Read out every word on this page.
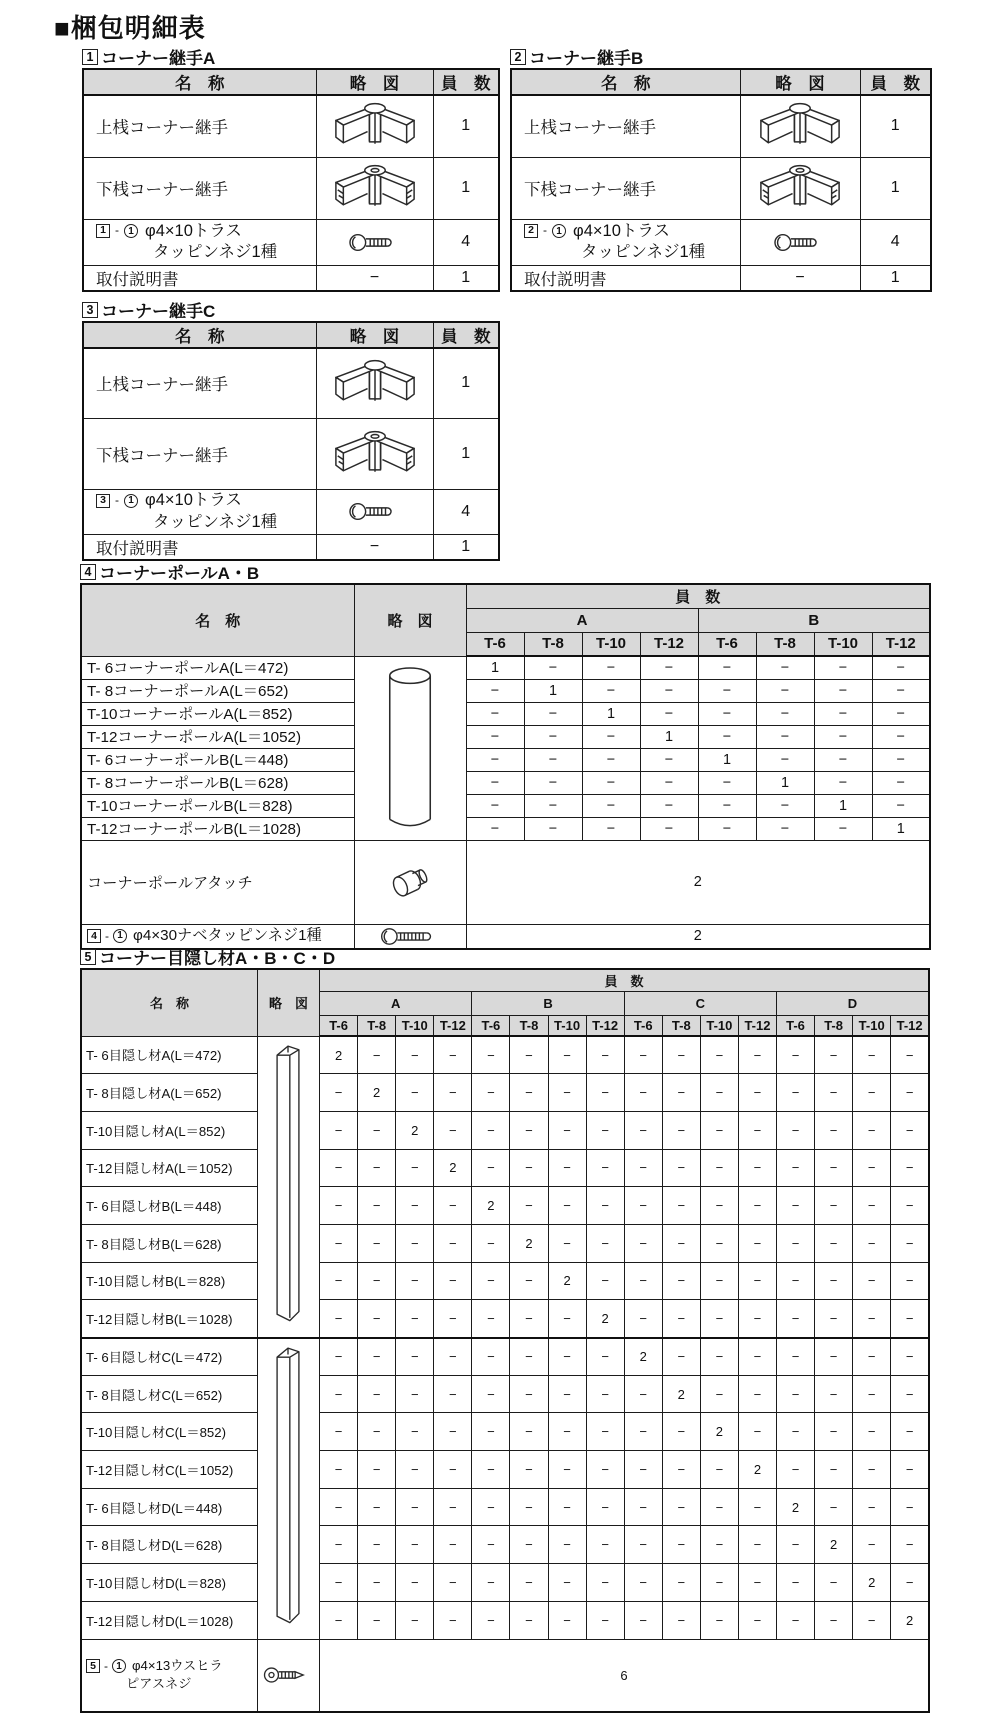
■梱包明細表
1 コーナー継手A
名　称	略　図	員　数
上桟コーナー継手		1
下桟コーナー継手		1

1 - 1 φ4×10トラス
タッピンネジ1種		4
取付説明書	−	1
2 コーナー継手B
名　称	略　図	員　数
上桟コーナー継手		1
下桟コーナー継手		1

2 - 1 φ4×10トラス
タッピンネジ1種		4
取付説明書	−	1
3 コーナー継手C
名　称	略　図	員　数
上桟コーナー継手		1
下桟コーナー継手		1

3 - 1 φ4×10トラス
タッピンネジ1種		4
取付説明書	−	1
4 コーナーポールA・B
名　称	略　図	員　数							
		A				B			
		T-6	T-8	T-10	T-12	T-6	T-8	T-10	T-12
T- 6コーナーポールA(L＝472)		1	−	−	−	−	−	−	−
T- 8コーナーポールA(L＝652)		−	1	−	−	−	−	−	−
T-10コーナーポールA(L＝852)		−	−	1	−	−	−	−	−
T-12コーナーポールA(L＝1052)		−	−	−	1	−	−	−	−
T- 6コーナーポールB(L＝448)		−	−	−	−	1	−	−	−
T- 8コーナーポールB(L＝628)		−	−	−	−	−	1	−	−
T-10コーナーポールB(L＝828)		−	−	−	−	−	−	1	−
T-12コーナーポールB(L＝1028)		−	−	−	−	−	−	−	1
コーナーポールアタッチ		2							

4 - 1 φ4×30ナベタッピンネジ1種		2							
5 コーナー目隠し材A・B・C・D
名　称	略　図	員　数															
		A				B				C				D			
		T-6	T-8	T-10	T-12	T-6	T-8	T-10	T-12	T-6	T-8	T-10	T-12	T-6	T-8	T-10	T-12
T- 6目隠し材A(L＝472)		2	−	−	−	−	−	−	−	−	−	−	−	−	−	−	−
T- 8目隠し材A(L＝652)		−	2	−	−	−	−	−	−	−	−	−	−	−	−	−	−
T-10目隠し材A(L＝852)		−	−	2	−	−	−	−	−	−	−	−	−	−	−	−	−
T-12目隠し材A(L＝1052)		−	−	−	2	−	−	−	−	−	−	−	−	−	−	−	−
T- 6目隠し材B(L＝448)		−	−	−	−	2	−	−	−	−	−	−	−	−	−	−	−
T- 8目隠し材B(L＝628)		−	−	−	−	−	2	−	−	−	−	−	−	−	−	−	−
T-10目隠し材B(L＝828)		−	−	−	−	−	−	2	−	−	−	−	−	−	−	−	−
T-12目隠し材B(L＝1028)		−	−	−	−	−	−	−	2	−	−	−	−	−	−	−	−
T- 6目隠し材C(L＝472)		−	−	−	−	−	−	−	−	2	−	−	−	−	−	−	−
T- 8目隠し材C(L＝652)		−	−	−	−	−	−	−	−	−	2	−	−	−	−	−	−
T-10目隠し材C(L＝852)		−	−	−	−	−	−	−	−	−	−	2	−	−	−	−	−
T-12目隠し材C(L＝1052)		−	−	−	−	−	−	−	−	−	−	−	2	−	−	−	−
T- 6目隠し材D(L＝448)		−	−	−	−	−	−	−	−	−	−	−	−	2	−	−	−
T- 8目隠し材D(L＝628)		−	−	−	−	−	−	−	−	−	−	−	−	−	2	−	−
T-10目隠し材D(L＝828)		−	−	−	−	−	−	−	−	−	−	−	−	−	−	2	−
T-12目隠し材D(L＝1028)		−	−	−	−	−	−	−	−	−	−	−	−	−	−	−	2

5 - 1 φ4×13ウスヒラ
ピアスネジ		6															
